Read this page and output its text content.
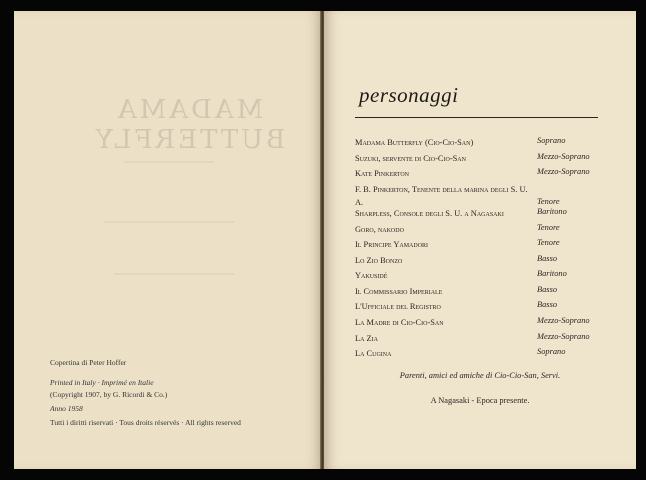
MADAMA BUTTERFLY
Copertina di Peter Hoffer
Printed in Italy · Imprimé en Italie
(Copyright 1907, by G. Ricordi & Co.)
Anno 1958
Tutti i diritti riservati · Tous droits réservés · All rights reserved
personaggi
Madama Butterfly (Cio-Cio-San)	Soprano
Suzuki, servente di Cio-Cio-San	Mezzo-Soprano
Kate Pinkerton	Mezzo-Soprano
F. B. Pinkerton, Tenente della marina degli S. U. A.	Tenore
Sharpless, Console degli S. U. a Nagasaki	Baritono
Goro, nakodo	Tenore
Il Principe Yamadori	Tenore
Lo Zio Bonzo	Basso
Yakusidé	Baritono
Il Commissario Imperiale	Basso
L'Ufficiale del Registro	Basso
La Madre di Cio-Cio-San	Mezzo-Soprano
La Zia	Mezzo-Soprano
La Cugina	Soprano
Parenti, amici ed amiche di Cio-Cio-San, Servi.
A Nagasaki - Epoca presente.
